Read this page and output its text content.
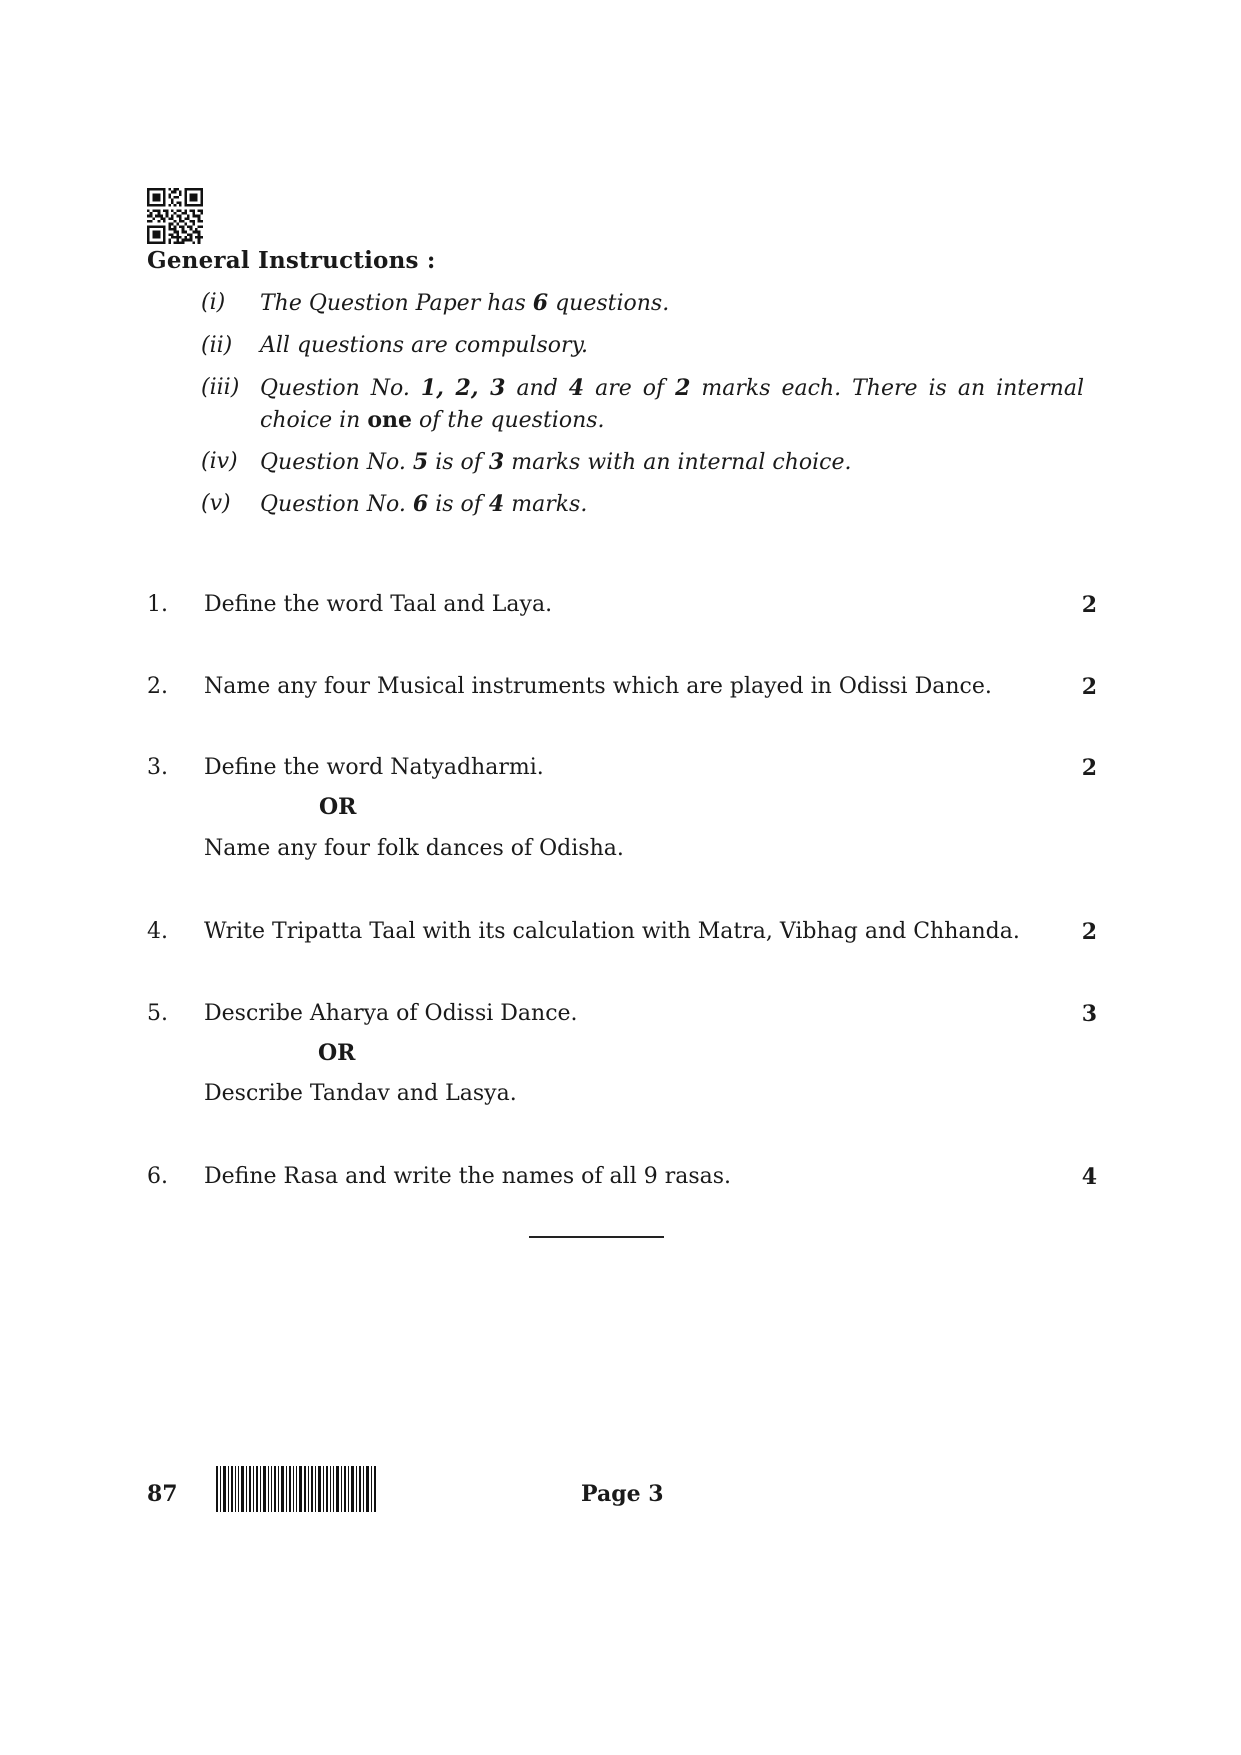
General Instructions :
(i)	The Question Paper has 6 questions.
(ii)	All questions are compulsory.
(iii) Question No. 1, 2, 3 and 4 are of 2 marks each. There is an internal
choice in one of the questions.
(iv)	Question No. 5 is of 3 marks with an internal choice.
(v)	Question No. 6 is of 4 marks.
1. Define the word Taal and Laya.	2
2. Name any four Musical instruments which are played in Odissi Dance.	2
3. Define the word Natyadharmi.	2
OR
Name any four folk dances of Odisha.
4. Write Tripatta Taal with its calculation with Matra, Vibhag and Chhanda.	2
5. Describe Aharya of Odissi Dance.	3
OR
Describe Tandav and Lasya.
6. Define Rasa and write the names of all 9 rasas.	4
87	Page 3
